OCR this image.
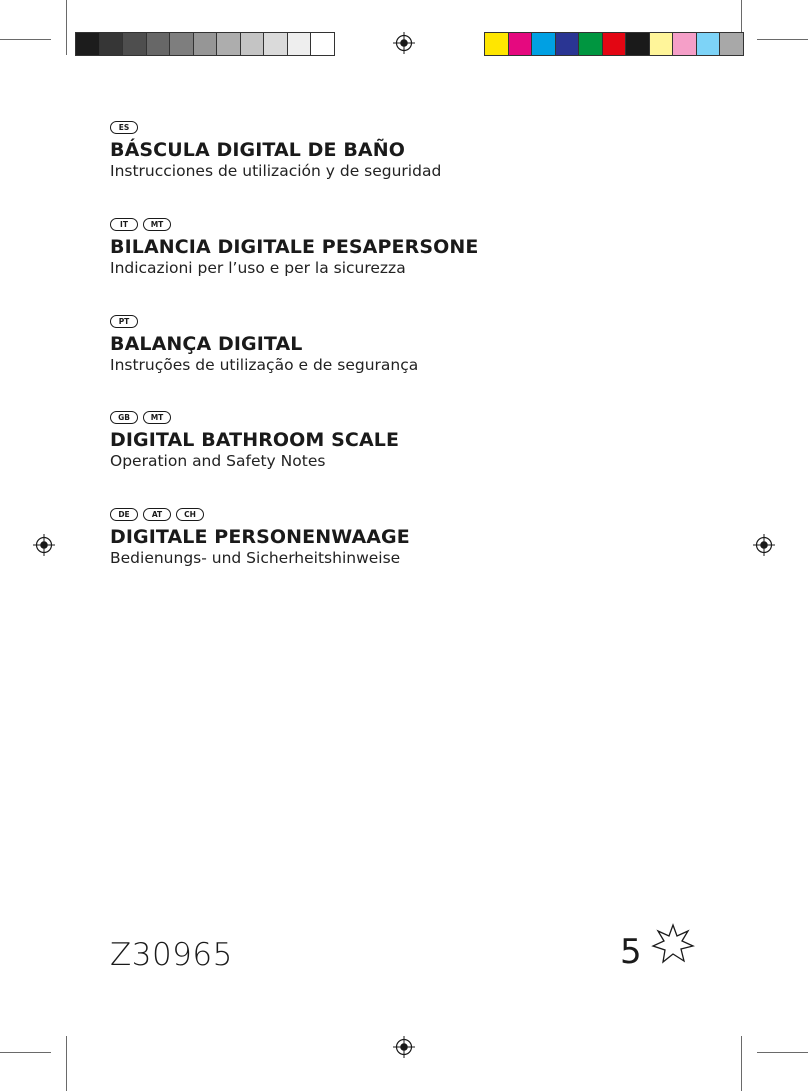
ES
BÁSCULA DIGITAL DE BAÑO

Instrucciones de utilización y de seguridad

IT	MT
BILANCIA DIGITALE PESAPERSONE

Indicazioni per l’uso e per la sicurezza

PT
BALANÇA DIGITAL

Instruções de utilização e de segurança

GB	MT
DIGITAL BATHROOM SCALE

Operation and Safety Notes

DE	AT	CH
DIGITALE PERSONENWAAGE

Bedienungs- und Sicherheitshinweise

Z30965	5
